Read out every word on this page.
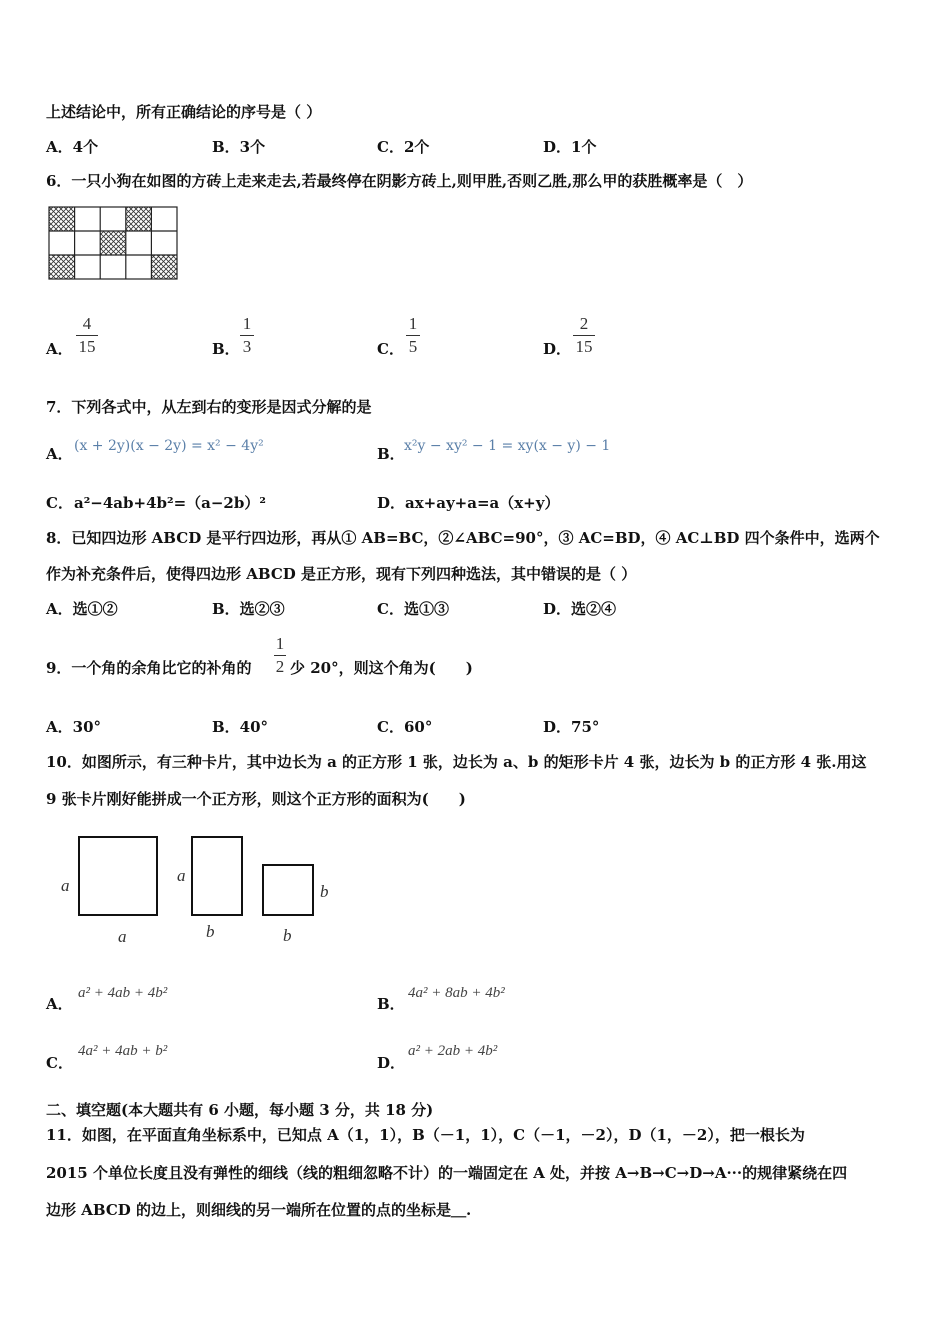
上述结论中，所有正确结论的序号是（ ）
A．4个	B．3个	C．2个	D．1个
6．一只小狗在如图的方砖上走来走去,若最终停在阴影方砖上,则甲胜,否则乙胜,那么甲的获胜概率是（　）
A．
4
15	B．
1
3	C．
1
5	D．
2
15
7．下列各式中，从左到右的变形是因式分解的是
A． (x + 2y)(x − 2y) = x² − 4y²	B． x²y − xy² − 1 = xy(x − y) − 1
C． a²−4ab+4b²=（a−2b）²	D． ax+ay+a=a（x+y）
8．已知四边形 ABCD 是平行四边形，再从① AB=BC，②∠ABC=90°，③ AC=BD，④ AC⊥BD 四个条件中，选两个
作为补充条件后，使得四边形 ABCD 是正方形，现有下列四种选法，其中错误的是（ ）
A．选①②	B．选②③	C．选①③	D．选②④
9．一个角的余角比它的补角的
1
2 少 20°，则这个角为(　　)
A．30°	B．40°	C．60°	D．75°
10．如图所示，有三种卡片，其中边长为 a 的正方形 1 张，边长为 a、b 的矩形卡片 4 张，边长为 b 的正方形 4 张.用这
9 张卡片刚好能拼成一个正方形，则这个正方形的面积为(　　)
a
a
a
b
b
b
A．
a² + 4ab + 4b²
B．
4a² + 8ab + 4b²
C．
4a² + 4ab + b²
D．
a² + 2ab + 4b²
二、填空题(本大题共有 6 小题，每小题 3 分，共 18 分)
11．如图，在平面直角坐标系中，已知点 A（1，1），B（－1，1），C（－1，－2），D（1，－2），把一根长为
2015 个单位长度且没有弹性的细线（线的粗细忽略不计）的一端固定在 A 处，并按 A→B→C→D→A···的规律紧绕在四
边形 ABCD 的边上，则细线的另一端所在位置的点的坐标是＿.
